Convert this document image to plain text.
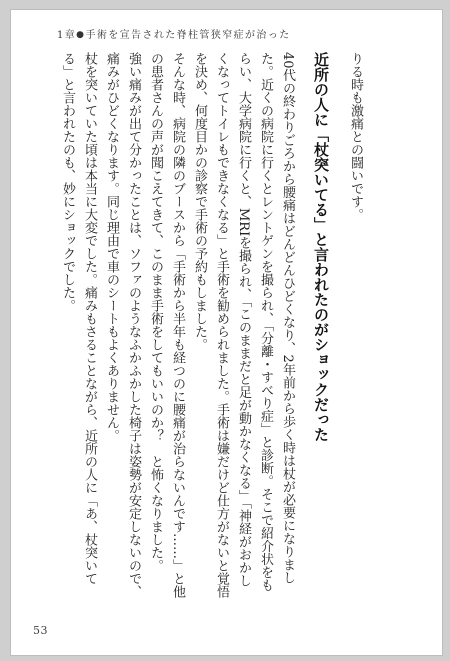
1章●手術を宣告された脊柱管狭窄症が治った

りる時も激痛との闘いです。

近所の人に「杖突いてる」と言われたのがショックだった

40代の終わりごろから腰痛はどんどんひどくなり、2年前から歩く時は杖が必要になりました。近くの病院に行くとレントゲンを撮られ、「分離・すべり症」と診断。そこで紹介状をもらい、大学病院に行くと、MRIを撮られ、「このままだと足が動かなくなる」「神経がおかしくなってトイレもできなくなる」と手術を勧められました。手術は嫌だけど仕方がないと覚悟を決め、何度目かの診察で手術の予約もしました。

そんな時、病院の隣のブースから「手術から半年も経つのに腰痛が治らないんです……」と他の患者さんの声が聞こえてきて、このまま手術をしてもいいのか？　と怖くなりました。

強い痛みが出て分かったことは、ソファのようなふかふかした椅子は姿勢が安定しないので、痛みがひどくなります。同じ理由で車のシートもよくありません。

杖を突いていた頃は本当に大変でした。痛みもさることながら、近所の人に「あ、杖突いてる」と言われたのも、妙にショックでした。

53
